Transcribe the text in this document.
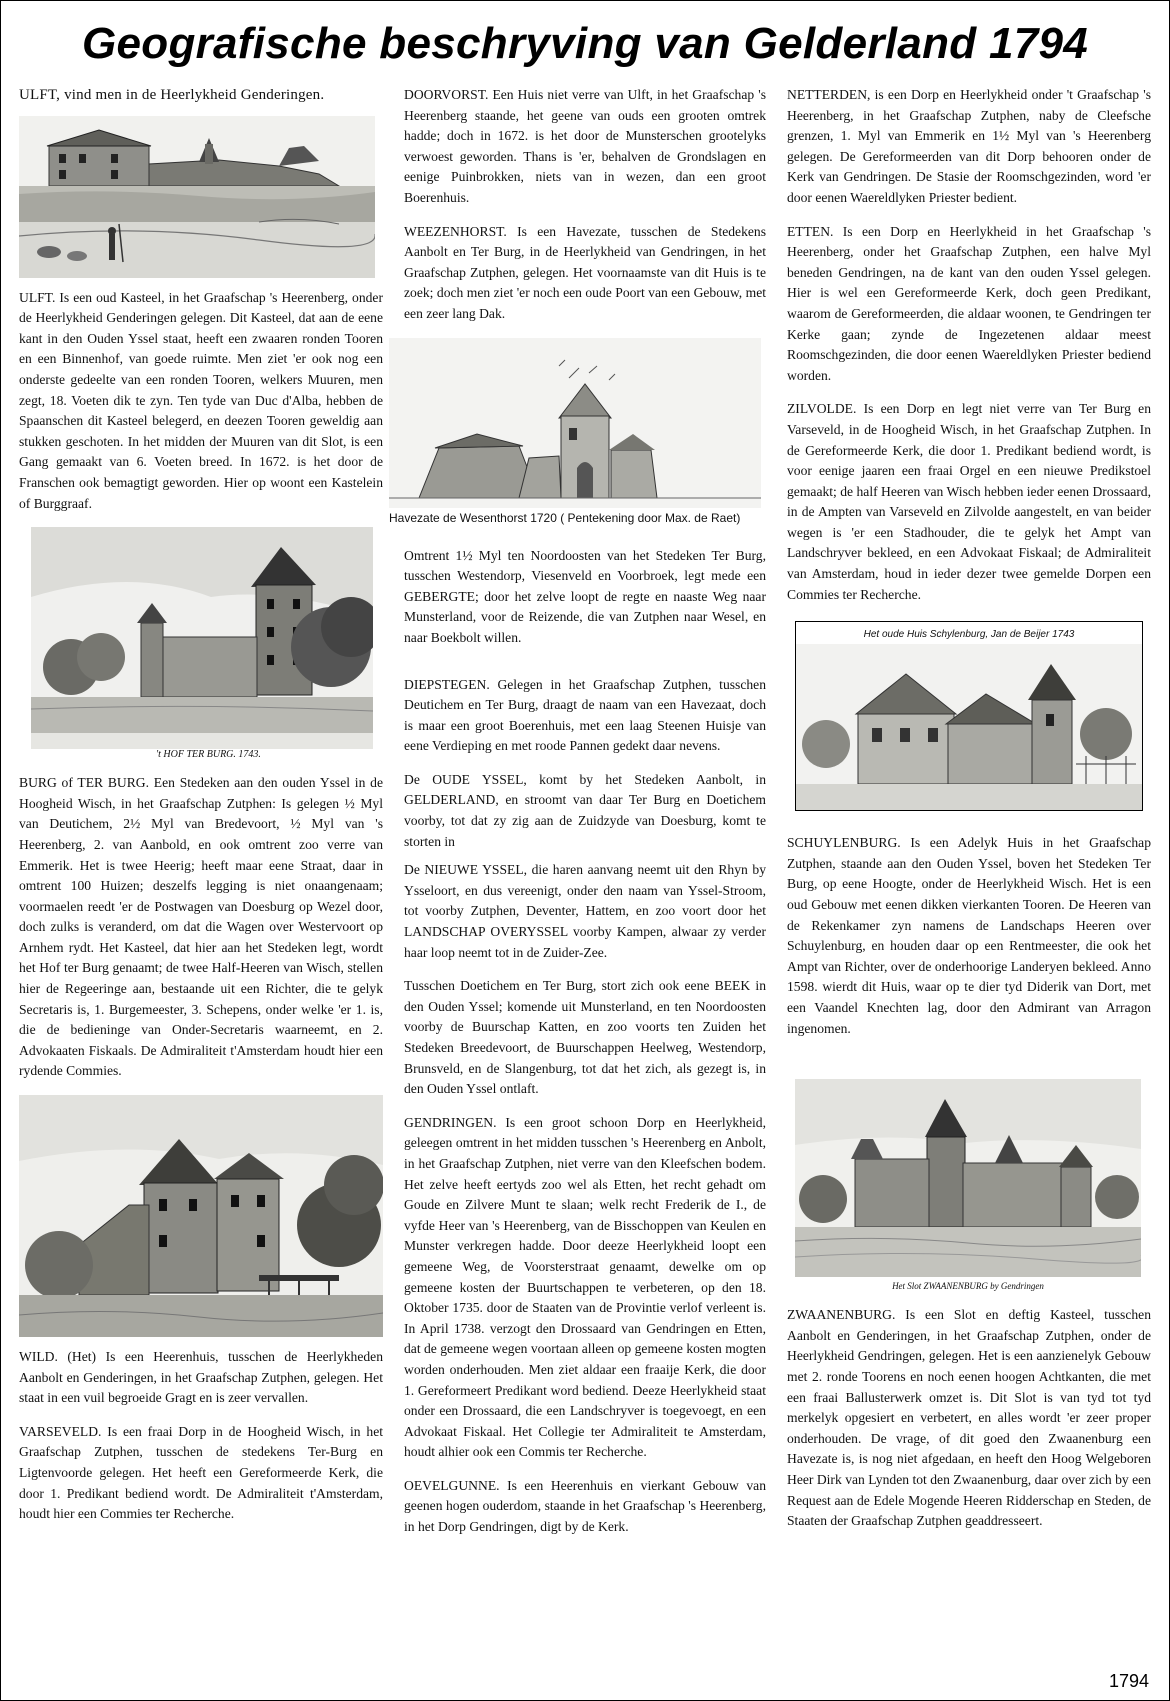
Geografische beschryving van Gelderland 1794

ULFT, vind men in de Heerlykheid Genderingen.

ULFT. Is een oud Kasteel, in het Graafschap 's Heerenberg, onder de Heerlykheid Genderingen gelegen. Dit Kasteel, dat aan de eene kant in den Ouden Yssel staat, heeft een zwaaren ronden Tooren en een Binnenhof, van goede ruimte. Men ziet 'er ook nog een onderste gedeelte van een ronden Tooren, welkers Muuren, men zegt, 18. Voeten dik te zyn. Ten tyde van Duc d'Alba, hebben de Spaanschen dit Kasteel belegerd, en deezen Tooren geweldig aan stukken geschoten. In het midden der Muuren van dit Slot, is een Gang gemaakt van 6. Voeten breed. In 1672. is het door de Franschen ook bemagtigt geworden. Hier op woont een Kastelein of Burggraaf.

't HOF TER BURG. 1743.

BURG of TER BURG. Een Stedeken aan den ouden Yssel in de Hoogheid Wisch, in het Graafschap Zutphen: Is gelegen ½ Myl van Deutichem, 2½ Myl van Bredevoort, ½ Myl van 's Heerenberg, 2. van Aanbold, en ook omtrent zoo verre van Emmerik. Het is twee Heerig; heeft maar eene Straat, daar in omtrent 100 Huizen; deszelfs legging is niet onaangenaam; voormaelen reedt 'er de Postwagen van Doesburg op Wezel door, doch zulks is veranderd, om dat die Wagen over Westervoort op Arnhem rydt. Het Kasteel, dat hier aan het Stedeken legt, wordt het Hof ter Burg genaamt; de twee Half-Heeren van Wisch, stellen hier de Regeeringe aan, bestaande uit een Richter, die te gelyk Secretaris is, 1. Burgemeester, 3. Schepens, onder welke 'er 1. is, die de bedieninge van Onder-Secretaris waarneemt, en 2. Advokaaten Fiskaals. De Admiraliteit t'Amsterdam houdt hier een rydende Commies.

WILD. (Het) Is een Heerenhuis, tusschen de Heerlykheden Aanbolt en Genderingen, in het Graafschap Zutphen, gelegen. Het staat in een vuil begroeide Gragt en is zeer vervallen.

VARSEVELD. Is een fraai Dorp in de Hoogheid Wisch, in het Graafschap Zutphen, tusschen de stedekens Ter-Burg en Ligtenvoorde gelegen. Het heeft een Gereformeerde Kerk, die door 1. Predikant bediend wordt. De Admiraliteit t'Amsterdam, houdt hier een Commies ter Recherche.

DOORVORST. Een Huis niet verre van Ulft, in het Graafschap 's Heerenberg staande, het geene van ouds een grooten omtrek hadde; doch in 1672. is het door de Munsterschen grootelyks verwoest geworden. Thans is 'er, behalven de Grondslagen en eenige Puinbrokken, niets van in wezen, dan een groot Boerenhuis.

WEEZENHORST. Is een Havezate, tusschen de Stedekens Aanbolt en Ter Burg, in de Heerlykheid van Gendringen, in het Graafschap Zutphen, gelegen. Het voornaamste van dit Huis is te zoek; doch men ziet 'er noch een oude Poort van een Gebouw, met een zeer lang Dak.

Havezate de Wesenthorst 1720 ( Pentekening door Max. de Raet)

Omtrent 1½ Myl ten Noordoosten van het Stedeken Ter Burg, tusschen Westendorp, Viesenveld en Voorbroek, legt mede een GEBERGTE; door het zelve loopt de regte en naaste Weg naar Munsterland, voor de Reizende, die van Zutphen naar Wesel, en naar Boekbolt willen.

DIEPSTEGEN. Gelegen in het Graafschap Zutphen, tusschen Deutichem en Ter Burg, draagt de naam van een Havezaat, doch is maar een groot Boerenhuis, met een laag Steenen Huisje van eene Verdieping en met roode Pannen gedekt daar nevens.

De OUDE YSSEL, komt by het Stedeken Aanbolt, in GELDERLAND, en stroomt van daar Ter Burg en Doetichem voorby, tot dat zy zig aan de Zuidzyde van Doesburg, komt te storten in

De NIEUWE YSSEL, die haren aanvang neemt uit den Rhyn by Ysseloort, en dus vereenigt, onder den naam van Yssel-Stroom, tot voorby Zutphen, Deventer, Hattem, en zoo voort door het LANDSCHAP OVERYSSEL voorby Kampen, alwaar zy verder haar loop neemt tot in de Zuider-Zee.

Tusschen Doetichem en Ter Burg, stort zich ook eene BEEK in den Ouden Yssel; komende uit Munsterland, en ten Noordoosten voorby de Buurschap Katten, en zoo voorts ten Zuiden het Stedeken Breedevoort, de Buurschappen Heelweg, Westendorp, Brunsveld, en de Slangenburg, tot dat het zich, als gezegt is, in den Ouden Yssel ontlaft.

GENDRINGEN. Is een groot schoon Dorp en Heerlykheid, geleegen omtrent in het midden tusschen 's Heerenberg en Anbolt, in het Graafschap Zutphen, niet verre van den Kleefschen bodem. Het zelve heeft eertyds zoo wel als Etten, het recht gehadt om Goude en Zilvere Munt te slaan; welk recht Frederik de I., de vyfde Heer van 's Heerenberg, van de Bisschoppen van Keulen en Munster verkregen hadde. Door deeze Heerlykheid loopt een gemeene Weg, de Voorsterstraat genaamt, dewelke om op gemeene kosten der Buurtschappen te verbeteren, op den 18. Oktober 1735. door de Staaten van de Provintie verlof verleent is. In April 1738. verzogt den Drossaard van Gendringen en Etten, dat de gemeene wegen voortaan alleen op gemeene kosten mogten worden onderhouden. Men ziet aldaar een fraaije Kerk, die door 1. Gereformeert Predikant word bediend. Deeze Heerlykheid staat onder een Drossaard, die een Landschryver is toegevoegt, en een Advokaat Fiskaal. Het Collegie ter Admiraliteit te Amsterdam, houdt alhier ook een Commis ter Recherche.

OEVELGUNNE. Is een Heerenhuis en vierkant Gebouw van geenen hogen ouderdom, staande in het Graafschap 's Heerenberg, in het Dorp Gendringen, digt by de Kerk.

NETTERDEN, is een Dorp en Heerlykheid onder 't Graafschap 's Heerenberg, in het Graafschap Zutphen, naby de Cleefsche grenzen, 1. Myl van Emmerik en 1½ Myl van 's Heerenberg gelegen. De Gereformeerden van dit Dorp behooren onder de Kerk van Gendringen. De Stasie der Roomschgezinden, word 'er door eenen Waereldlyken Priester bedient.

ETTEN. Is een Dorp en Heerlykheid in het Graafschap 's Heerenberg, onder het Graafschap Zutphen, een halve Myl beneden Gendringen, na de kant van den ouden Yssel gelegen. Hier is wel een Gereformeerde Kerk, doch geen Predikant, waarom de Gereformeerden, die aldaar woonen, te Gendringen ter Kerke gaan; zynde de Ingezetenen aldaar meest Roomschgezinden, die door eenen Waereldlyken Priester bediend worden.

ZILVOLDE. Is een Dorp en legt niet verre van Ter Burg en Varseveld, in de Hoogheid Wisch, in het Graafschap Zutphen. In de Gereformeerde Kerk, die door 1. Predikant bediend wordt, is voor eenige jaaren een fraai Orgel en een nieuwe Predikstoel gemaakt; de half Heeren van Wisch hebben ieder eenen Drossaard, in de Ampten van Varseveld en Zilvolde aangestelt, en van beider wegen is 'er een Stadhouder, die te gelyk het Ampt van Landschryver bekleed, en een Advokaat Fiskaal; de Admiraliteit van Amsterdam, houd in ieder dezer twee gemelde Dorpen een Commies ter Recherche.

Het oude Huis Schylenburg, Jan de Beijer 1743

SCHUYLENBURG. Is een Adelyk Huis in het Graafschap Zutphen, staande aan den Ouden Yssel, boven het Stedeken Ter Burg, op eene Hoogte, onder de Heerlykheid Wisch. Het is een oud Gebouw met eenen dikken vierkanten Tooren. De Heeren van de Rekenkamer zyn namens de Landschaps Heeren over Schuylenburg, en houden daar op een Rentmeester, die ook het Ampt van Richter, over de onderhoorige Landeryen bekleed. Anno 1598. wierdt dit Huis, waar op te dier tyd Diderik van Dort, met een Vaandel Knechten lag, door den Admirant van Arragon ingenomen.

Het Slot ZWAANENBURG by Gendringen

ZWAANENBURG. Is een Slot en deftig Kasteel, tusschen Aanbolt en Genderingen, in het Graafschap Zutphen, onder de Heerlykheid Gendringen, gelegen. Het is een aanzienelyk Gebouw met 2. ronde Toorens en noch eenen hoogen Achtkanten, die met een fraai Ballusterwerk omzet is. Dit Slot is van tyd tot tyd merkelyk opgesiert en verbetert, en alles wordt 'er zeer proper onderhouden. De vrage, of dit goed den Zwaanenburg een Havezate is, is nog niet afgedaan, en heeft den Hoog Welgeboren Heer Dirk van Lynden tot den Zwaanenburg, daar over zich by een Request aan de Edele Mogende Heeren Ridderschap en Steden, de Staaten der Graafschap Zutphen geaddresseert.

1794
